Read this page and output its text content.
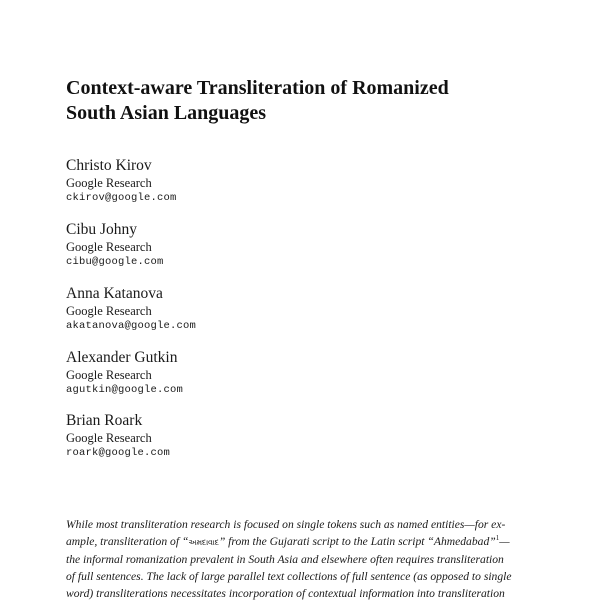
Context-aware Transliteration of Romanized
South Asian Languages
Christo Kirov
Google Research
ckirov@google.com
Cibu Johny
Google Research
cibu@google.com
Anna Katanova
Google Research
akatanova@google.com
Alexander Gutkin
Google Research
agutkin@google.com
Brian Roark
Google Research
roark@google.com
While most transliteration research is focused on single tokens such as named entities—for ex-
ample, transliteration of “અમદાવાદ” from the Gujarati script to the Latin script “Ahmedabad”$^1$—
the informal romanization prevalent in South Asia and elsewhere often requires transliteration
of full sentences. The lack of large parallel text collections of full sentence (as opposed to single
word) transliterations necessitates incorporation of contextual information into transliteration
